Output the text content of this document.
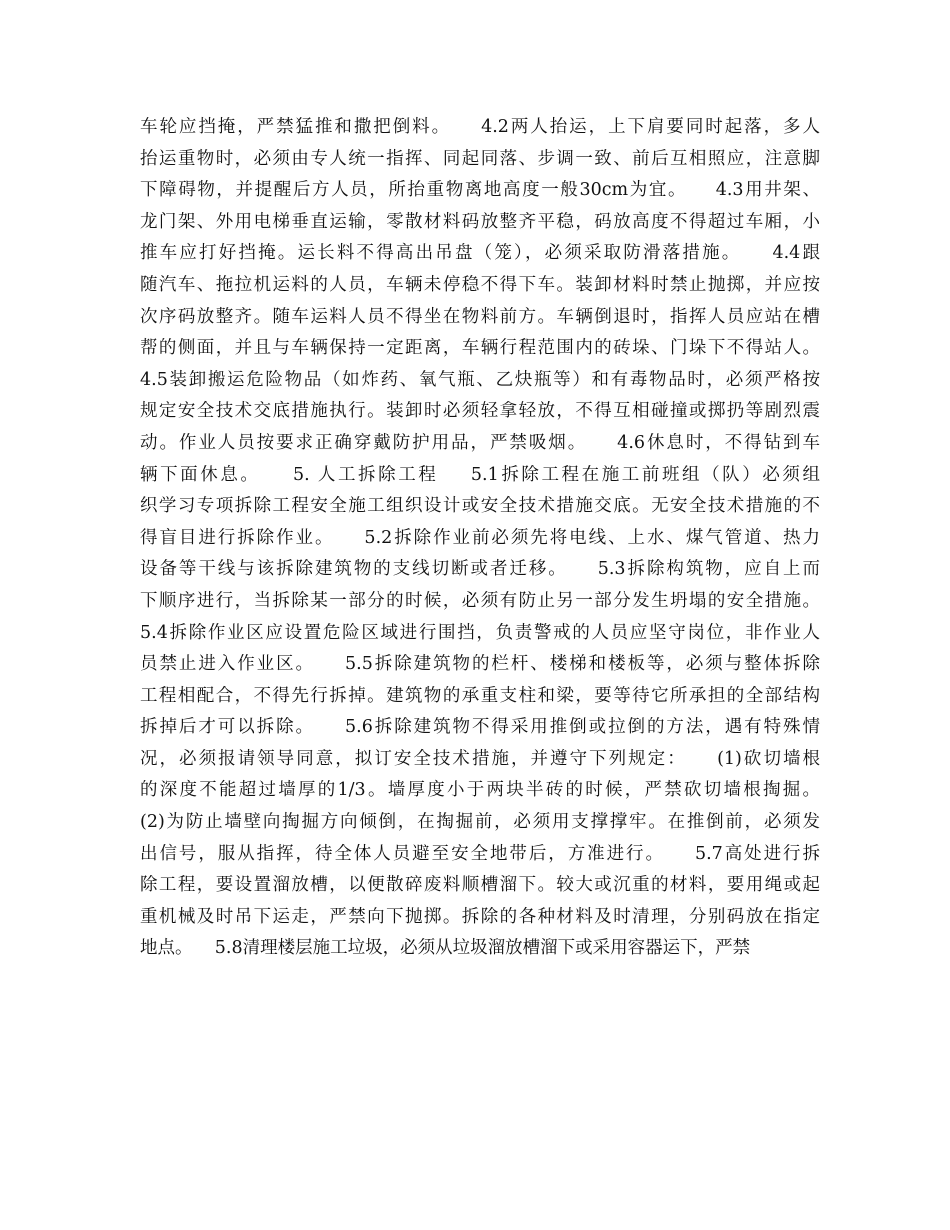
车轮应挡掩，严禁猛推和撒把倒料。    4.2两人抬运，上下肩要同时起落，多人
抬运重物时，必须由专人统一指挥、同起同落、步调一致、前后互相照应，注意脚
下障碍物，并提醒后方人员，所抬重物离地高度一般30cm为宜。    4.3用井架、
龙门架、外用电梯垂直运输，零散材料码放整齐平稳，码放高度不得超过车厢，小
推车应打好挡掩。运长料不得高出吊盘（笼），必须采取防滑落措施。    4.4跟
随汽车、拖拉机运料的人员，车辆未停稳不得下车。装卸材料时禁止抛掷，并应按
次序码放整齐。随车运料人员不得坐在物料前方。车辆倒退时，指挥人员应站在槽
帮的侧面，并且与车辆保持一定距离，车辆行程范围内的砖垛、门垛下不得站人。
4.5装卸搬运危险物品（如炸药、氧气瓶、乙炔瓶等）和有毒物品时，必须严格按
规定安全技术交底措施执行。装卸时必须轻拿轻放，不得互相碰撞或掷扔等剧烈震
动。作业人员按要求正确穿戴防护用品，严禁吸烟。    4.6休息时，不得钻到车
辆下面休息。    5. 人工拆除工程    5.1拆除工程在施工前班组（队）必须组
织学习专项拆除工程安全施工组织设计或安全技术措施交底。无安全技术措施的不
得盲目进行拆除作业。    5.2拆除作业前必须先将电线、上水、煤气管道、热力
设备等干线与该拆除建筑物的支线切断或者迁移。    5.3拆除构筑物，应自上而
下顺序进行，当拆除某一部分的时候，必须有防止另一部分发生坍塌的安全措施。
5.4拆除作业区应设置危险区域进行围挡，负责警戒的人员应坚守岗位，非作业人
员禁止进入作业区。    5.5拆除建筑物的栏杆、楼梯和楼板等，必须与整体拆除
工程相配合，不得先行拆掉。建筑物的承重支柱和梁，要等待它所承担的全部结构
拆掉后才可以拆除。    5.6拆除建筑物不得采用推倒或拉倒的方法，遇有特殊情
况，必须报请领导同意，拟订安全技术措施，并遵守下列规定：    (1)砍切墙根
的深度不能超过墙厚的1/3。墙厚度小于两块半砖的时候，严禁砍切墙根掏掘。
(2)为防止墙壁向掏掘方向倾倒，在掏掘前，必须用支撑撑牢。在推倒前，必须发
出信号，服从指挥，待全体人员避至安全地带后，方准进行。    5.7高处进行拆
除工程，要设置溜放槽，以便散碎废料顺槽溜下。较大或沉重的材料，要用绳或起
重机械及时吊下运走，严禁向下抛掷。拆除的各种材料及时清理，分别码放在指定
地点。    5.8清理楼层施工垃圾，必须从垃圾溜放槽溜下或采用容器运下，严禁
